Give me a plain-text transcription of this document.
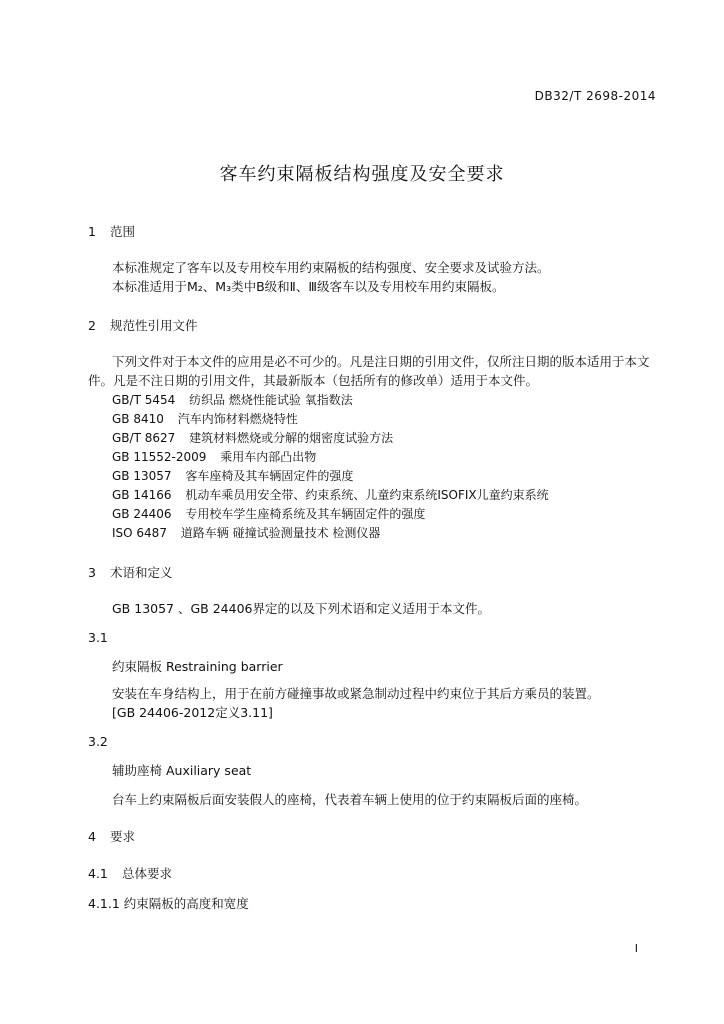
DB32/T 2698-2014
客车约束隔板结构强度及安全要求
1 范围
本标准规定了客车以及专用校车用约束隔板的结构强度、安全要求及试验方法。
本标准适用于M₂、M₃类中B级和Ⅱ、Ⅲ级客车以及专用校车用约束隔板。
2 规范性引用文件
下列文件对于本文件的应用是必不可少的。凡是注日期的引用文件，仅所注日期的版本适用于本文
件。凡是不注日期的引用文件，其最新版本（包括所有的修改单）适用于本文件。
GB/T 5454 纺织品 燃烧性能试验 氧指数法
GB 8410 汽车内饰材料燃烧特性
GB/T 8627 建筑材料燃烧或分解的烟密度试验方法
GB 11552-2009 乘用车内部凸出物
GB 13057 客车座椅及其车辆固定件的强度
GB 14166 机动车乘员用安全带、约束系统、儿童约束系统ISOFIX儿童约束系统
GB 24406 专用校车学生座椅系统及其车辆固定件的强度
ISO 6487 道路车辆 碰撞试验测量技术 检测仪器
3 术语和定义
GB 13057 、GB 24406界定的以及下列术语和定义适用于本文件。
3.1
约束隔板 Restraining barrier
安装在车身结构上，用于在前方碰撞事故或紧急制动过程中约束位于其后方乘员的装置。
[GB 24406-2012定义3.11]
3.2
辅助座椅 Auxiliary seat
台车上约束隔板后面安装假人的座椅，代表着车辆上使用的位于约束隔板后面的座椅。
4 要求
4.1 总体要求
4.1.1 约束隔板的高度和宽度
I
